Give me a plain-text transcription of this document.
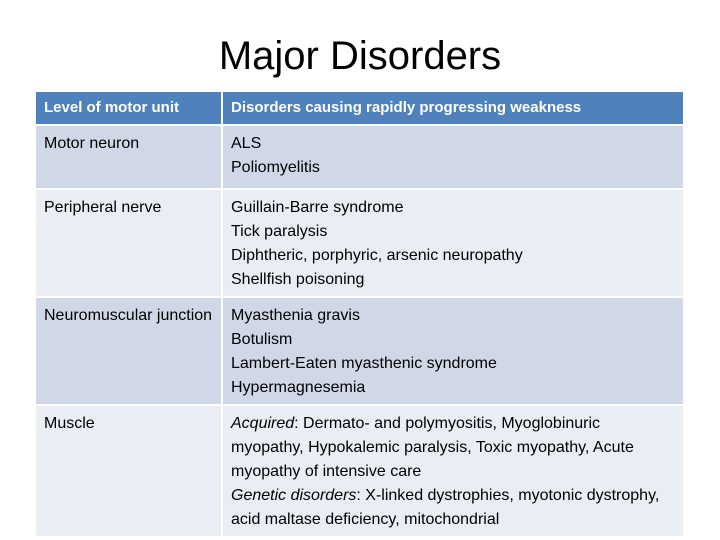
Major Disorders
Level of motor unit	Disorders causing rapidly progressing weakness
Motor neuron	ALS
Poliomyelitis

Peripheral nerve	Guillain-Barre syndrome
Tick paralysis
Diphtheric, porphyric, arsenic neuropathy
Shellfish poisoning

Neuromuscular junction	Myasthenia gravis
Botulism
Lambert-Eaten myasthenic syndrome
Hypermagnesemia

Muscle	Acquired: Dermato- and polymyositis, Myoglobinuric myopathy, Hypokalemic paralysis, Toxic myopathy, Acute myopathy of intensive care
Genetic disorders: X-linked dystrophies, myotonic dystrophy, acid maltase deficiency, mitochondrial
